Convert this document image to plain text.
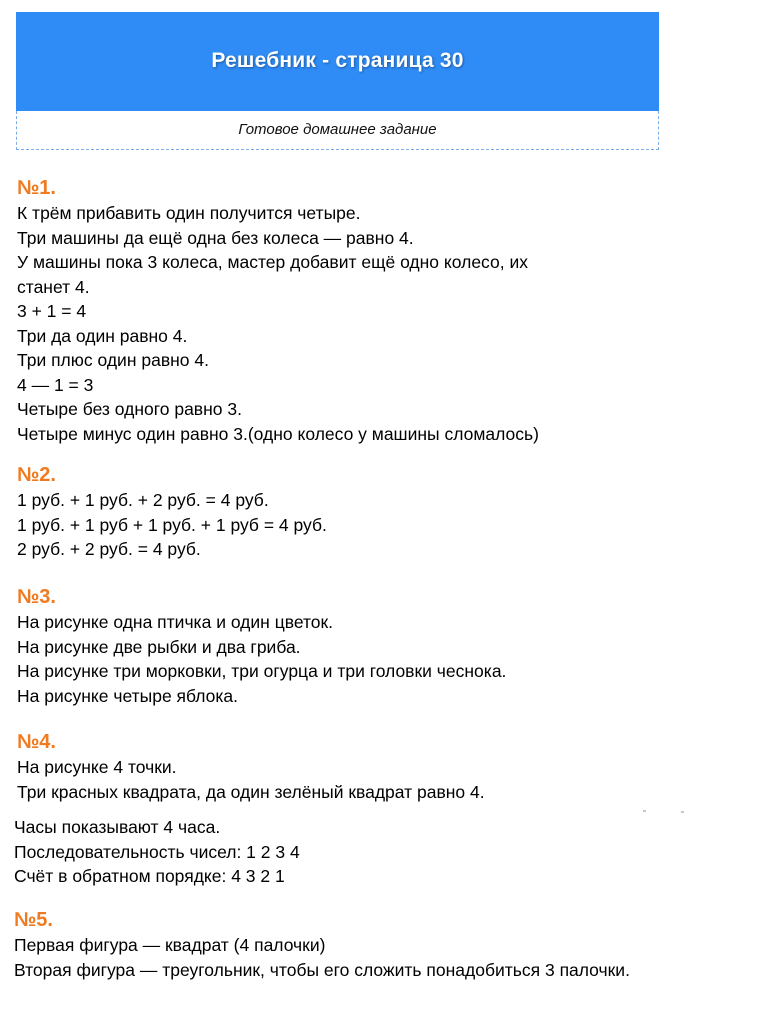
Решебник - страница 30
Готовое домашнее задание
№1.
К трём прибавить один получится четыре.
Три машины да ещё одна без колеса — равно 4.
У машины пока 3 колеса, мастер добавит ещё одно колесо, их
станет 4.
3 + 1 = 4
Три да один равно 4.
Три плюс один равно 4.
4 — 1 = 3
Четыре без одного равно 3.
Четыре минус один равно 3.(одно колесо у машины сломалось)
№2.
1 руб. + 1 руб. + 2 руб. = 4 руб.
1 руб. + 1 руб + 1 руб. + 1 руб = 4 руб.
2 руб. + 2 руб. = 4 руб.
№3.
На рисунке одна птичка и один цветок.
На рисунке две рыбки и два гриба.
На рисунке три морковки, три огурца и три головки чеснока.
На рисунке четыре яблока.
№4.
На рисунке 4 точки.
Три красных квадрата, да один зелёный квадрат равно 4.
Часы показывают 4 часа.
Последовательность чисел: 1 2 3 4
Счёт в обратном порядке: 4 3 2 1
№5.
Первая фигура — квадрат (4 палочки)
Вторая фигура — треугольник, чтобы его сложить понадобиться 3 палочки.
